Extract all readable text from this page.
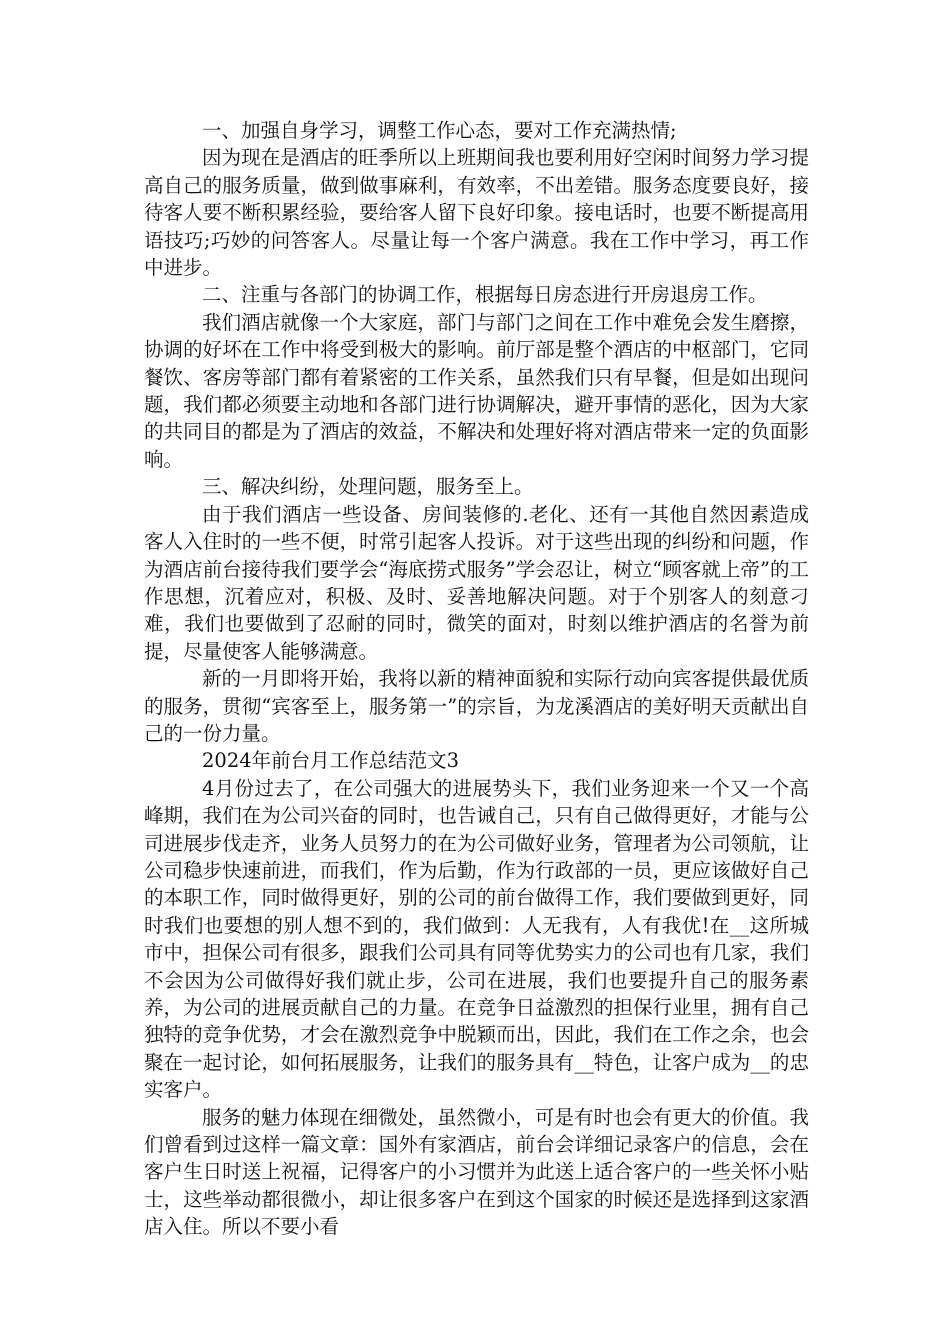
一、加强自身学习，调整工作心态，要对工作充满热情;

因为现在是酒店的旺季所以上班期间我也要利用好空闲时间努力学习提高自己的服务质量，做到做事麻利，有效率，不出差错。服务态度要良好，接待客人要不断积累经验，要给客人留下良好印象。接电话时，也要不断提高用语技巧;巧妙的问答客人。尽量让每一个客户满意。我在工作中学习，再工作中进步。

二、注重与各部门的协调工作，根据每日房态进行开房退房工作。

我们酒店就像一个大家庭，部门与部门之间在工作中难免会发生磨擦，协调的好坏在工作中将受到极大的影响。前厅部是整个酒店的中枢部门，它同餐饮、客房等部门都有着紧密的工作关系，虽然我们只有早餐，但是如出现问题，我们都必须要主动地和各部门进行协调解决，避开事情的恶化，因为大家的共同目的都是为了酒店的效益，不解决和处理好将对酒店带来一定的负面影响。

三、解决纠纷，处理问题，服务至上。

由于我们酒店一些设备、房间装修的.老化、还有一其他自然因素造成客人入住时的一些不便，时常引起客人投诉。对于这些出现的纠纷和问题，作为酒店前台接待我们要学会“海底捞式服务”学会忍让，树立“顾客就上帝”的工作思想，沉着应对，积极、及时、妥善地解决问题。对于个别客人的刻意刁难，我们也要做到了忍耐的同时，微笑的面对，时刻以维护酒店的名誉为前提，尽量使客人能够满意。

新的一月即将开始，我将以新的精神面貌和实际行动向宾客提供最优质的服务，贯彻“宾客至上，服务第一”的宗旨，为龙溪酒店的美好明天贡献出自己的一份力量。

2024年前台月工作总结范文3

4月份过去了，在公司强大的进展势头下，我们业务迎来一个又一个高峰期，我们在为公司兴奋的同时，也告诫自己，只有自己做得更好，才能与公司进展步伐走齐，业务人员努力的在为公司做好业务，管理者为公司领航，让公司稳步快速前进，而我们，作为后勤，作为行政部的一员，更应该做好自己的本职工作，同时做得更好，别的公司的前台做得工作，我们要做到更好，同时我们也要想的别人想不到的，我们做到：人无我有，人有我优!在__这所城市中，担保公司有很多，跟我们公司具有同等优势实力的公司也有几家，我们不会因为公司做得好我们就止步，公司在进展，我们也要提升自己的服务素养，为公司的进展贡献自己的力量。在竞争日益激烈的担保行业里，拥有自己独特的竞争优势，才会在激烈竞争中脱颖而出，因此，我们在工作之余，也会聚在一起讨论，如何拓展服务，让我们的服务具有__特色，让客户成为__的忠实客户。

服务的魅力体现在细微处，虽然微小，可是有时也会有更大的价值。我们曾看到过这样一篇文章：国外有家酒店，前台会详细记录客户的信息，会在客户生日时送上祝福，记得客户的小习惯并为此送上适合客户的一些关怀小贴士，这些举动都很微小，却让很多客户在到这个国家的时候还是选择到这家酒店入住。所以不要小看
